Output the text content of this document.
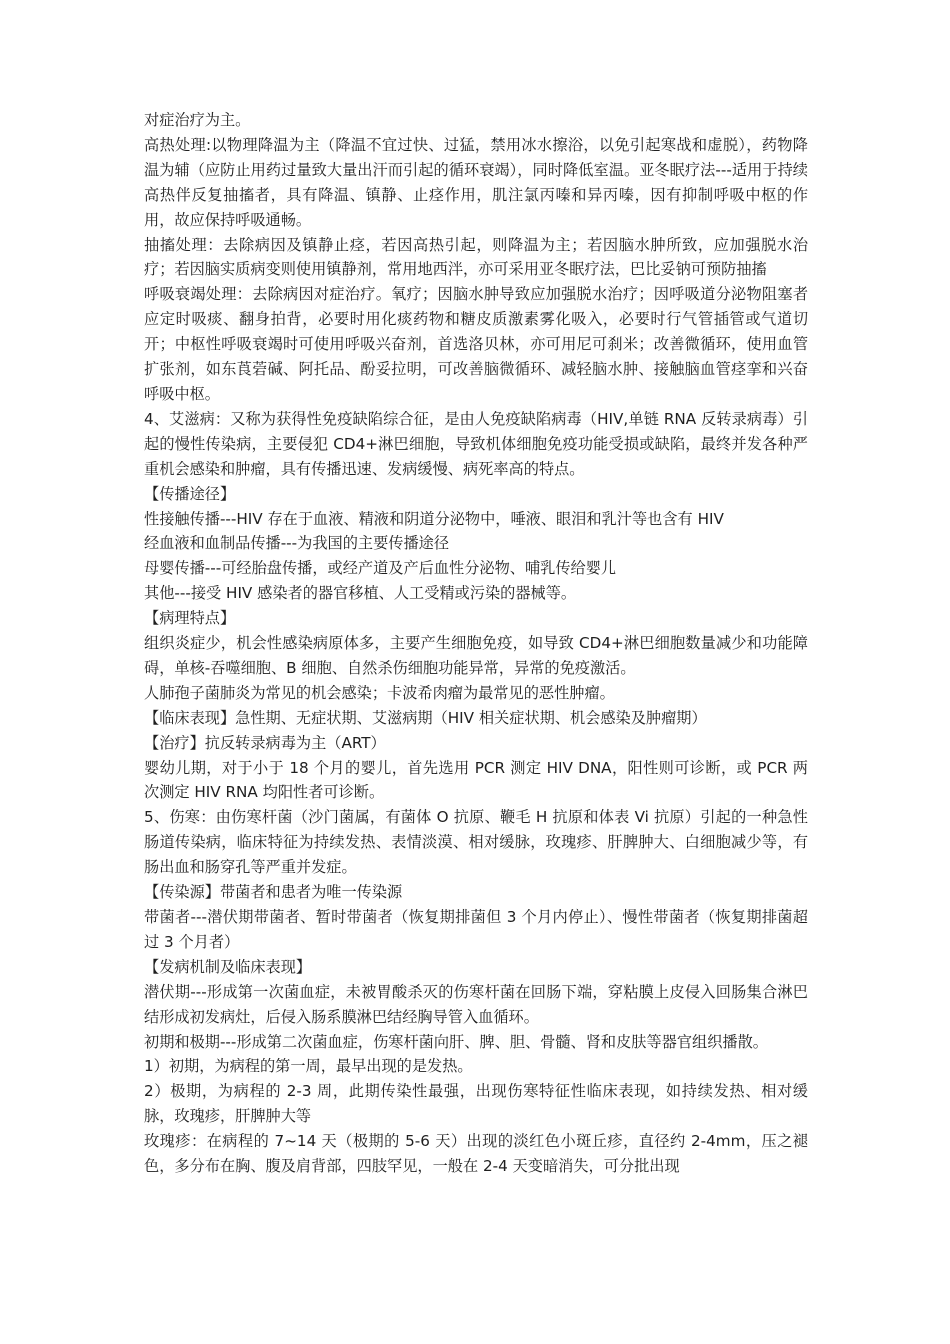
对症治疗为主。

高热处理:以物理降温为主（降温不宜过快、过猛，禁用冰水擦浴，以免引起寒战和虚脱），药物降温为辅（应防止用药过量致大量出汗而引起的循环衰竭），同时降低室温。亚冬眠疗法---适用于持续高热伴反复抽搐者，具有降温、镇静、止痉作用，肌注氯丙嗪和异丙嗪，因有抑制呼吸中枢的作用，故应保持呼吸通畅。

抽搐处理：去除病因及镇静止痉，若因高热引起，则降温为主；若因脑水肿所致，应加强脱水治疗；若因脑实质病变则使用镇静剂，常用地西泮，亦可采用亚冬眠疗法，巴比妥钠可预防抽搐

呼吸衰竭处理：去除病因对症治疗。氧疗；因脑水肿导致应加强脱水治疗；因呼吸道分泌物阻塞者应定时吸痰、翻身拍背，必要时用化痰药物和糖皮质激素雾化吸入，必要时行气管插管或气道切开；中枢性呼吸衰竭时可使用呼吸兴奋剂，首选洛贝林，亦可用尼可刹米；改善微循环，使用血管扩张剂，如东莨菪碱、阿托品、酚妥拉明，可改善脑微循环、减轻脑水肿、接触脑血管痉挛和兴奋呼吸中枢。

4、艾滋病：又称为获得性免疫缺陷综合征，是由人免疫缺陷病毒（HIV,单链 RNA 反转录病毒）引起的慢性传染病，主要侵犯 CD4+淋巴细胞，导致机体细胞免疫功能受损或缺陷，最终并发各种严重机会感染和肿瘤，具有传播迅速、发病缓慢、病死率高的特点。

【传播途径】

性接触传播---HIV 存在于血液、精液和阴道分泌物中，唾液、眼泪和乳汁等也含有 HIV

经血液和血制品传播---为我国的主要传播途径

母婴传播---可经胎盘传播，或经产道及产后血性分泌物、哺乳传给婴儿

其他---接受 HIV 感染者的器官移植、人工受精或污染的器械等。

【病理特点】

组织炎症少，机会性感染病原体多，主要产生细胞免疫，如导致 CD4+淋巴细胞数量减少和功能障碍，单核-吞噬细胞、B 细胞、自然杀伤细胞功能异常，异常的免疫激活。

人肺孢子菌肺炎为常见的机会感染；卡波希肉瘤为最常见的恶性肿瘤。

【临床表现】急性期、无症状期、艾滋病期（HIV 相关症状期、机会感染及肿瘤期）

【治疗】抗反转录病毒为主（ART）

婴幼儿期，对于小于 18 个月的婴儿，首先选用 PCR 测定 HIV DNA，阳性则可诊断，或 PCR 两次测定 HIV RNA 均阳性者可诊断。

5、伤寒：由伤寒杆菌（沙门菌属，有菌体 O 抗原、鞭毛 H 抗原和体表 Vi 抗原）引起的一种急性肠道传染病，临床特征为持续发热、表情淡漠、相对缓脉，玫瑰疹、肝脾肿大、白细胞减少等，有肠出血和肠穿孔等严重并发症。

【传染源】带菌者和患者为唯一传染源

带菌者---潜伏期带菌者、暂时带菌者（恢复期排菌但 3 个月内停止）、慢性带菌者（恢复期排菌超过 3 个月者）

【发病机制及临床表现】

潜伏期---形成第一次菌血症，未被胃酸杀灭的伤寒杆菌在回肠下端，穿粘膜上皮侵入回肠集合淋巴结形成初发病灶，后侵入肠系膜淋巴结经胸导管入血循环。

初期和极期---形成第二次菌血症，伤寒杆菌向肝、脾、胆、骨髓、肾和皮肤等器官组织播散。

1）初期，为病程的第一周，最早出现的是发热。

2）极期，为病程的 2-3 周，此期传染性最强，出现伤寒特征性临床表现，如持续发热、相对缓脉，玫瑰疹，肝脾肿大等

玫瑰疹：在病程的 7~14 天（极期的 5-6 天）出现的淡红色小斑丘疹，直径约 2-4mm，压之褪色，多分布在胸、腹及肩背部，四肢罕见，一般在 2-4 天变暗消失，可分批出现
